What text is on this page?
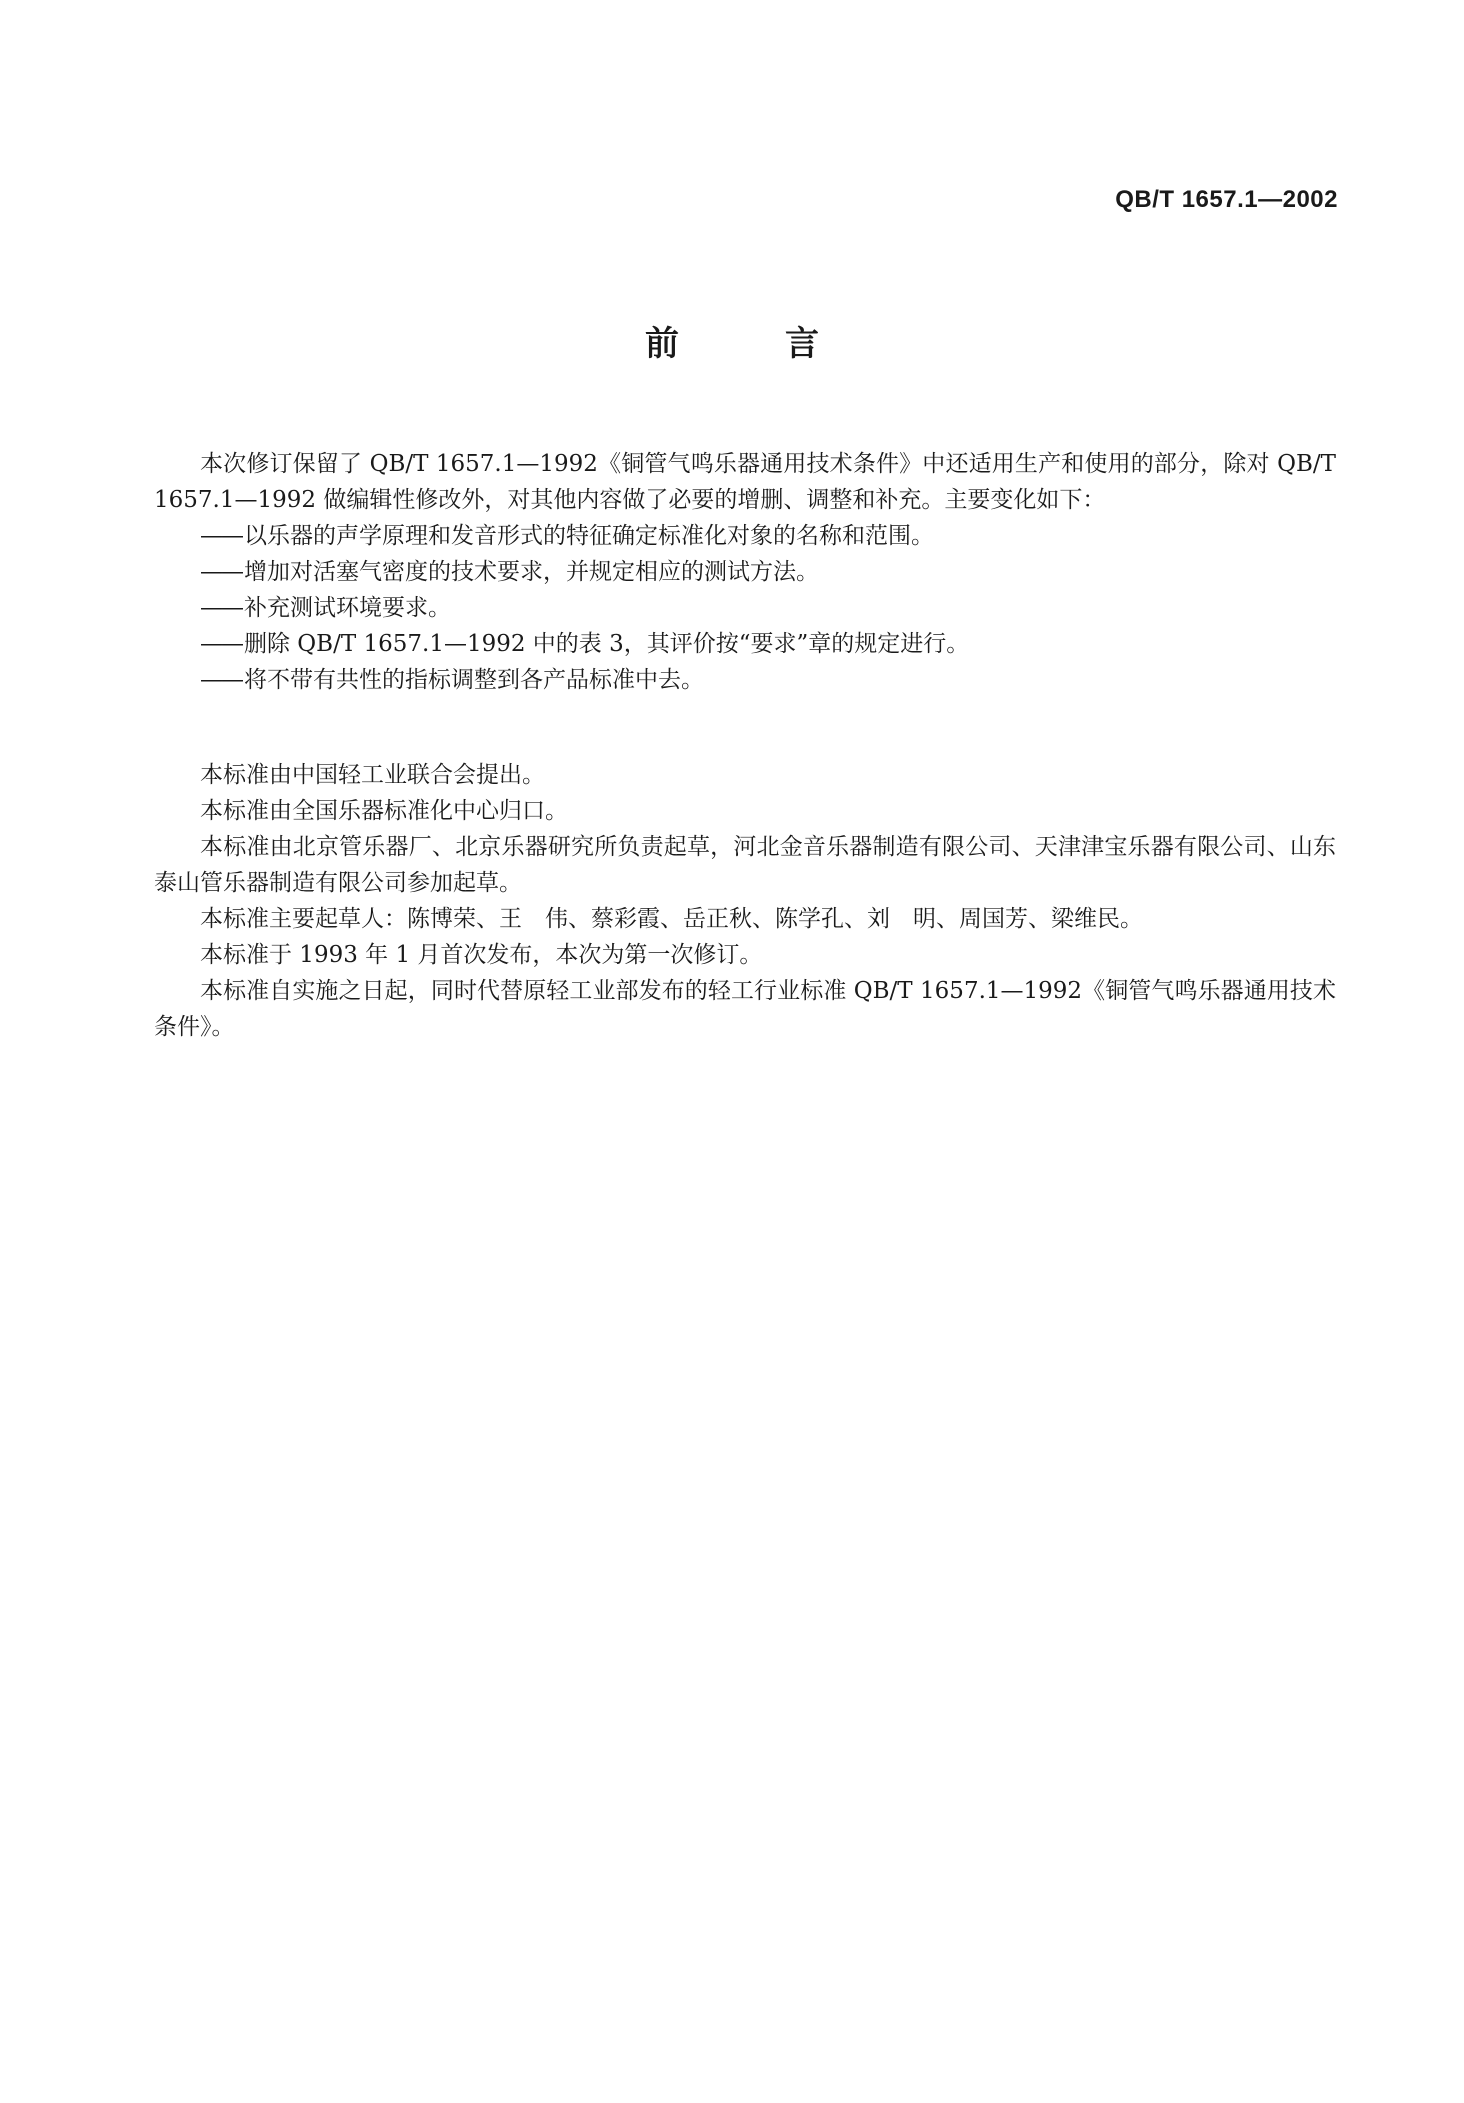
QB/T 1657.1—2002
前　言

本次修订保留了 QB/T 1657.1—1992《铜管气鸣乐器通用技术条件》中还适用生产和使用的部分，除对 QB/T 1657.1—1992 做编辑性修改外，对其他内容做了必要的增删、调整和补充。主要变化如下：

—— 以乐器的声学原理和发音形式的特征确定标准化对象的名称和范围。
—— 增加对活塞气密度的技术要求，并规定相应的测试方法。
—— 补充测试环境要求。
—— 删除 QB/T 1657.1—1992 中的表 3，其评价按“要求”章的规定进行。
—— 将不带有共性的指标调整到各产品标准中去。

本标准由中国轻工业联合会提出。

本标准由全国乐器标准化中心归口。

本标准由北京管乐器厂、北京乐器研究所负责起草，河北金音乐器制造有限公司、天津津宝乐器有限公司、山东泰山管乐器制造有限公司参加起草。

本标准主要起草人：陈博荣、王　伟、蔡彩霞、岳正秋、陈学孔、刘　明、周国芳、梁维民。

本标准于 1993 年 1 月首次发布，本次为第一次修订。

本标准自实施之日起，同时代替原轻工业部发布的轻工行业标准 QB/T 1657.1—1992《铜管气鸣乐器通用技术条件》。
